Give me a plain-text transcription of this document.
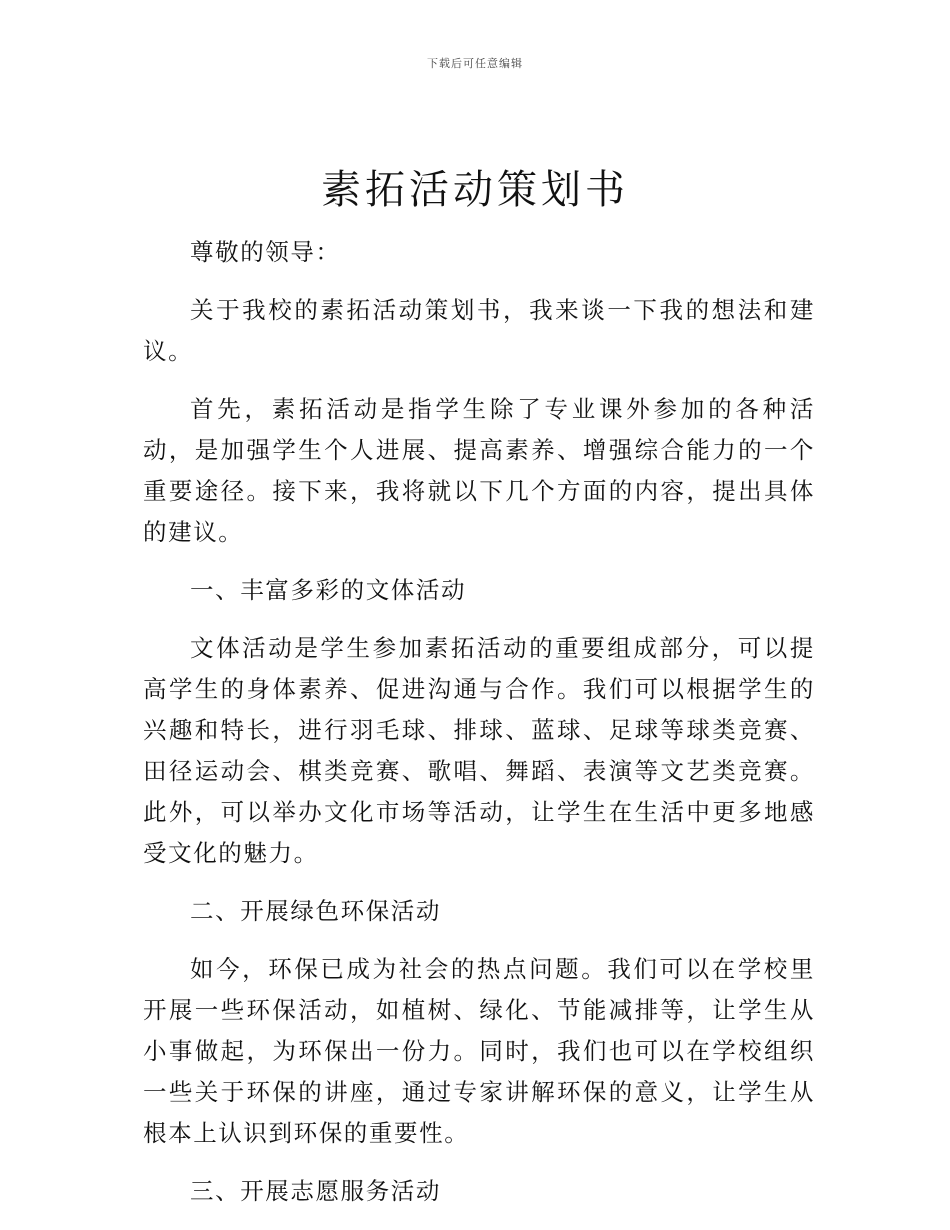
下载后可任意编辑
素拓活动策划书

尊敬的领导：

关于我校的素拓活动策划书，我来谈一下我的想法和建议。

首先，素拓活动是指学生除了专业课外参加的各种活动，是加强学生个人进展、提高素养、增强综合能力的一个重要途径。接下来，我将就以下几个方面的内容，提出具体的建议。

一、丰富多彩的文体活动

文体活动是学生参加素拓活动的重要组成部分，可以提高学生的身体素养、促进沟通与合作。我们可以根据学生的兴趣和特长，进行羽毛球、排球、蓝球、足球等球类竞赛、田径运动会、棋类竞赛、歌唱、舞蹈、表演等文艺类竞赛。此外，可以举办文化市场等活动，让学生在生活中更多地感受文化的魅力。

二、开展绿色环保活动

如今，环保已成为社会的热点问题。我们可以在学校里开展一些环保活动，如植树、绿化、节能减排等，让学生从小事做起，为环保出一份力。同时，我们也可以在学校组织一些关于环保的讲座，通过专家讲解环保的意义，让学生从根本上认识到环保的重要性。

三、开展志愿服务活动
